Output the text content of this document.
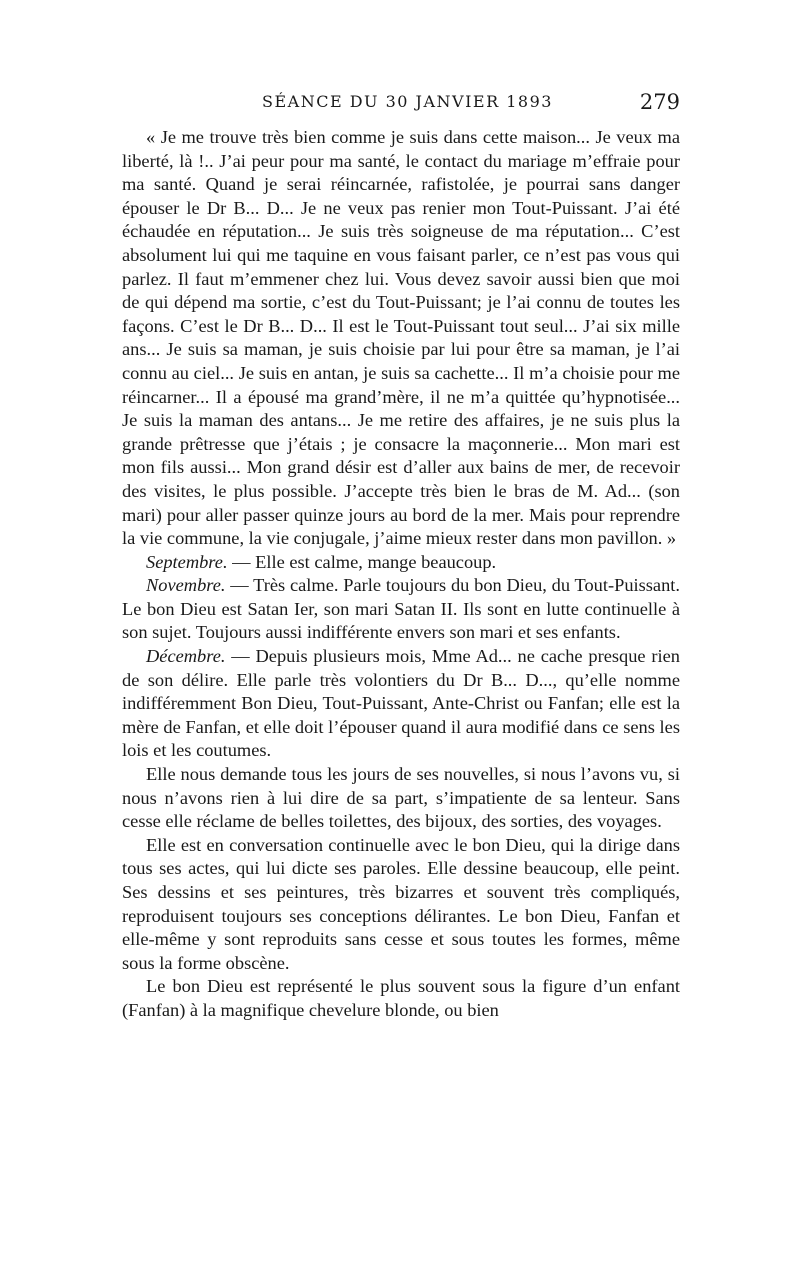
SÉANCE DU 30 JANVIER 1893	279

« Je me trouve très bien comme je suis dans cette maison... Je veux ma liberté, là !.. J’ai peur pour ma santé, le contact du mariage m’effraie pour ma santé. Quand je serai réincarnée, rafistolée, je pourrai sans danger épouser le Dr B... D... Je ne veux pas renier mon Tout-Puissant. J’ai été échaudée en réputation... Je suis très soigneuse de ma réputation... C’est absolument lui qui me taquine en vous faisant parler, ce n’est pas vous qui parlez. Il faut m’emmener chez lui. Vous devez savoir aussi bien que moi de qui dépend ma sortie, c’est du Tout-Puissant; je l’ai connu de toutes les façons. C’est le Dr B... D... Il est le Tout-Puissant tout seul... J’ai six mille ans... Je suis sa maman, je suis choisie par lui pour être sa maman, je l’ai connu au ciel... Je suis en antan, je suis sa cachette... Il m’a choisie pour me réincarner... Il a épousé ma grand’mère, il ne m’a quittée qu’hypnotisée... Je suis la maman des antans... Je me retire des affaires, je ne suis plus la grande prêtresse que j’étais ; je consacre la maçonnerie... Mon mari est mon fils aussi... Mon grand désir est d’aller aux bains de mer, de recevoir des visites, le plus possible. J’accepte très bien le bras de M. Ad... (son mari) pour aller passer quinze jours au bord de la mer. Mais pour reprendre la vie commune, la vie conjugale, j’aime mieux rester dans mon pavillon. »

Septembre. — Elle est calme, mange beaucoup.

Novembre. — Très calme. Parle toujours du bon Dieu, du Tout-Puissant. Le bon Dieu est Satan Ier, son mari Satan II. Ils sont en lutte continuelle à son sujet. Toujours aussi indifférente envers son mari et ses enfants.

Décembre. — Depuis plusieurs mois, Mme Ad... ne cache presque rien de son délire. Elle parle très volontiers du Dr B... D..., qu’elle nomme indifféremment Bon Dieu, Tout-Puissant, Ante-Christ ou Fanfan; elle est la mère de Fanfan, et elle doit l’épouser quand il aura modifié dans ce sens les lois et les coutumes.

Elle nous demande tous les jours de ses nouvelles, si nous l’avons vu, si nous n’avons rien à lui dire de sa part, s’impatiente de sa lenteur. Sans cesse elle réclame de belles toilettes, des bijoux, des sorties, des voyages.

Elle est en conversation continuelle avec le bon Dieu, qui la dirige dans tous ses actes, qui lui dicte ses paroles. Elle dessine beaucoup, elle peint. Ses dessins et ses peintures, très bizarres et souvent très compliqués, reproduisent toujours ses conceptions délirantes. Le bon Dieu, Fanfan et elle-même y sont reproduits sans cesse et sous toutes les formes, même sous la forme obscène.

Le bon Dieu est représenté le plus souvent sous la figure d’un enfant (Fanfan) à la magnifique chevelure blonde, ou bien
